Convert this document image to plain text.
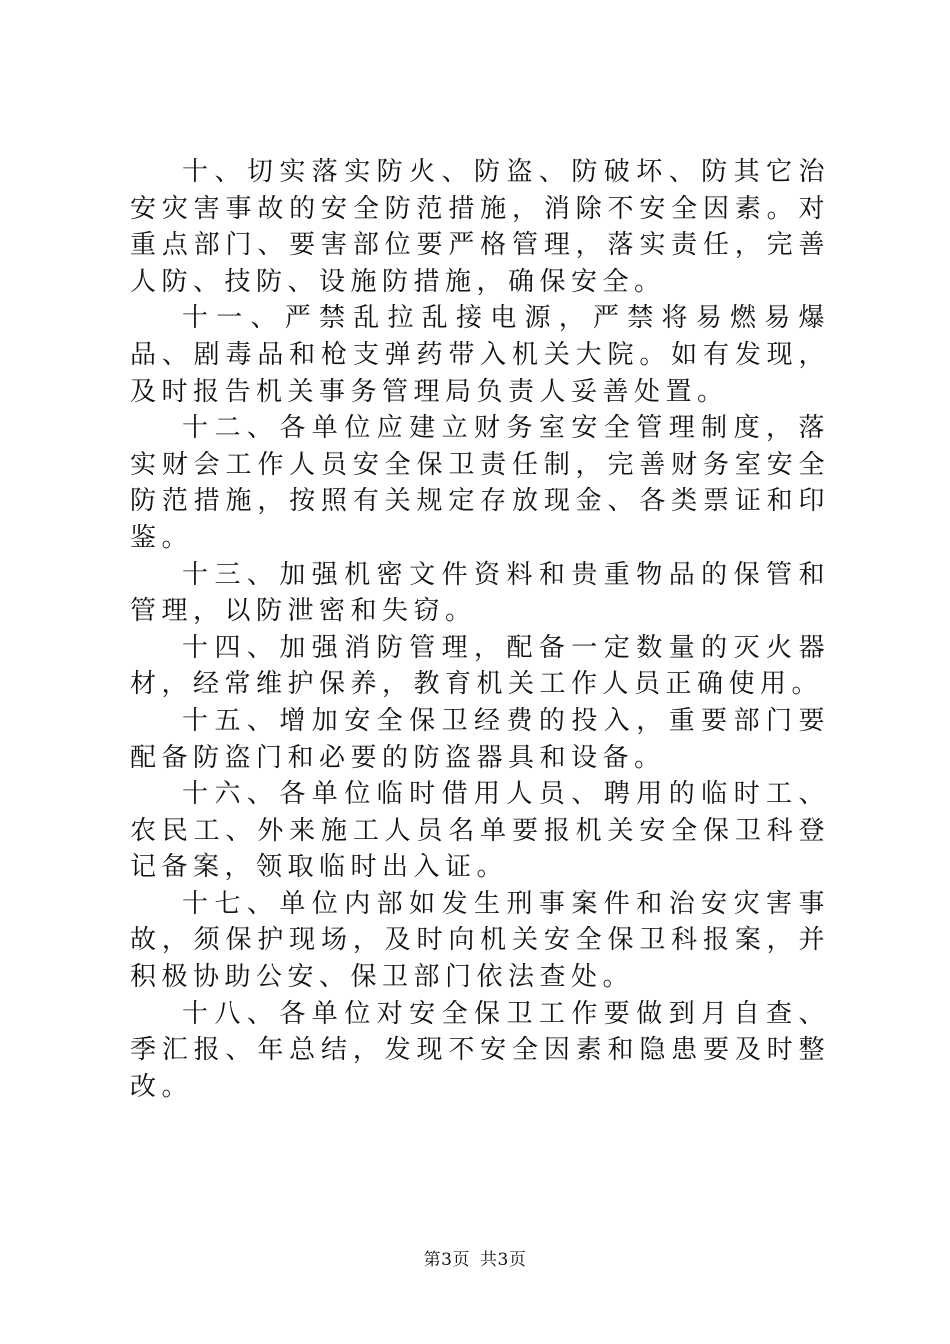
十、切实落实防火、防盗、防破坏、防其它治安灾害事故的安全防范措施，消除不安全因素。对重点部门、要害部位要严格管理，落实责任，完善人防、技防、设施防措施，确保安全。

十一、严禁乱拉乱接电源，严禁将易燃易爆品、剧毒品和枪支弹药带入机关大院。如有发现，及时报告机关事务管理局负责人妥善处置。

十二、各单位应建立财务室安全管理制度，落实财会工作人员安全保卫责任制，完善财务室安全防范措施，按照有关规定存放现金、各类票证和印鉴。

十三、加强机密文件资料和贵重物品的保管和管理，以防泄密和失窃。

十四、加强消防管理，配备一定数量的灭火器材，经常维护保养，教育机关工作人员正确使用。

十五、增加安全保卫经费的投入，重要部门要配备防盗门和必要的防盗器具和设备。

十六、各单位临时借用人员、聘用的临时工、农民工、外来施工人员名单要报机关安全保卫科登记备案，领取临时出入证。

十七、单位内部如发生刑事案件和治安灾害事故，须保护现场，及时向机关安全保卫科报案，并积极协助公安、保卫部门依法查处。

十八、各单位对安全保卫工作要做到月自查、季汇报、年总结，发现不安全因素和隐患要及时整改。

第3页 共3页
